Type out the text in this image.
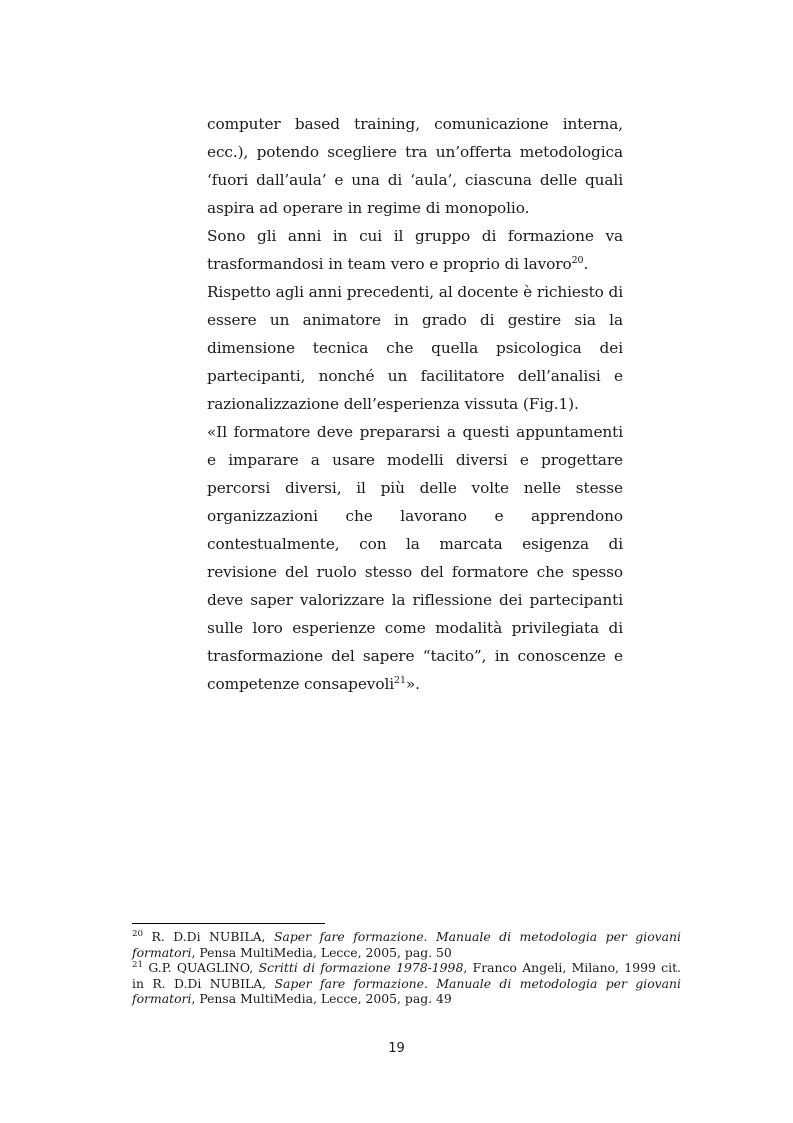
computer based training, comunicazione interna, ecc.), potendo scegliere tra un’offerta metodologica ‘fuori dall’aula’ e una di ‘aula’, ciascuna delle quali aspira ad operare in regime di monopolio.

Sono gli anni in cui il gruppo di formazione va trasformandosi in team vero e proprio di lavoro$^{20}$.

Rispetto agli anni precedenti, al docente è richiesto di essere un animatore in grado di gestire sia la dimensione tecnica che quella psicologica dei partecipanti, nonché un facilitatore dell’analisi e razionalizzazione dell’esperienza vissuta (Fig.1).

«Il formatore deve prepararsi a questi appuntamenti e imparare a usare modelli diversi e progettare percorsi diversi, il più delle volte nelle stesse organizzazioni che lavorano e apprendono contestualmente, con la marcata esigenza di revisione del ruolo stesso del formatore che spesso deve saper valorizzare la riflessione dei partecipanti sulle loro esperienze come modalità privilegiata di trasformazione del sapere “tacito”, in conoscenze e competenze consapevoli$^{21}$».

$^{20}$ R. D.Di NUBILA, Saper fare formazione. Manuale di metodologia per giovani formatori, Pensa MultiMedia, Lecce, 2005, pag. 50

$^{21}$ G.P. QUAGLINO, Scritti di formazione 1978-1998, Franco Angeli, Milano, 1999 cit. in R. D.Di NUBILA, Saper fare formazione. Manuale di metodologia per giovani formatori, Pensa MultiMedia, Lecce, 2005, pag. 49

19
